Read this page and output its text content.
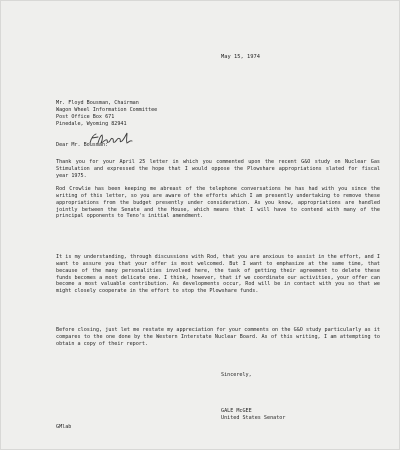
May 15, 1974
Mr. Floyd Bousman, Chairman
Wagon Wheel Information Committee
Post Office Box 671
Pinedale, Wyoming 82941
Dear Mr. Bousman:

Thank you for your April 25 letter in which you commented upon the recent G&O study on Nuclear Gas Stimulation and expressed the hope that I would oppose the Plowshare appropriations slated for fiscal year 1975.

Rod Crowlie has been keeping me abreast of the telephone conversations he has had with you since the writing of this letter, so you are aware of the efforts which I am presently undertaking to remove these appropriations from the budget presently under consideration. As you know, appropriations are handled jointly between the Senate and the House, which means that I will have to contend with many of the principal opponents to Teno's initial amendment.

It is my understanding, through discussions with Rod, that you are anxious to assist in the effort, and I want to assure you that your offer is most welcomed. But I want to emphasize at the same time, that because of the many personalities involved here, the task of getting their agreement to delete these funds becomes a most delicate one. I think, however, that if we coordinate our activities, your offer can become a most valuable contribution. As developments occur, Rod will be in contact with you so that we might closely cooperate in the effort to stop the Plowshare funds.

Before closing, just let me restate my appreciation for your comments on the G&O study particularly as it compares to the one done by the Western Interstate Nuclear Board. As of this writing, I am attempting to obtain a copy of their report.

Sincerely,
GALE McGEE
United States Senator
GMlab
